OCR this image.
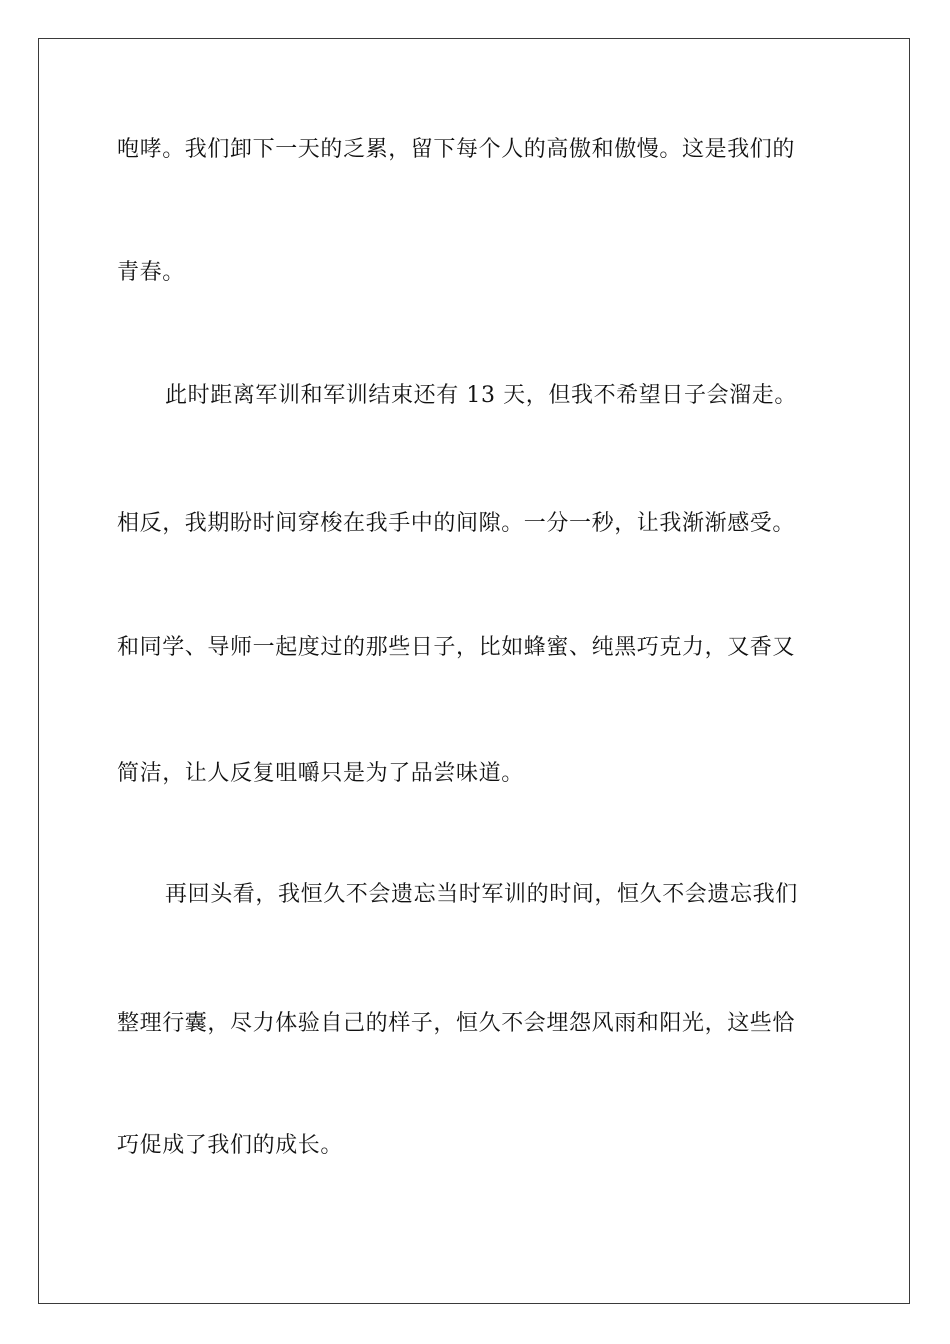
咆哮。我们卸下一天的乏累，留下每个人的高傲和傲慢。这是我们的

青春。

此时距离军训和军训结束还有 13 天，但我不希望日子会溜走。

相反，我期盼时间穿梭在我手中的间隙。一分一秒，让我渐渐感受。

和同学、导师一起度过的那些日子，比如蜂蜜、纯黑巧克力，又香又

简洁，让人反复咀嚼只是为了品尝味道。

再回头看，我恒久不会遗忘当时军训的时间，恒久不会遗忘我们

整理行囊，尽力体验自己的样子，恒久不会埋怨风雨和阳光，这些恰

巧促成了我们的成长。
